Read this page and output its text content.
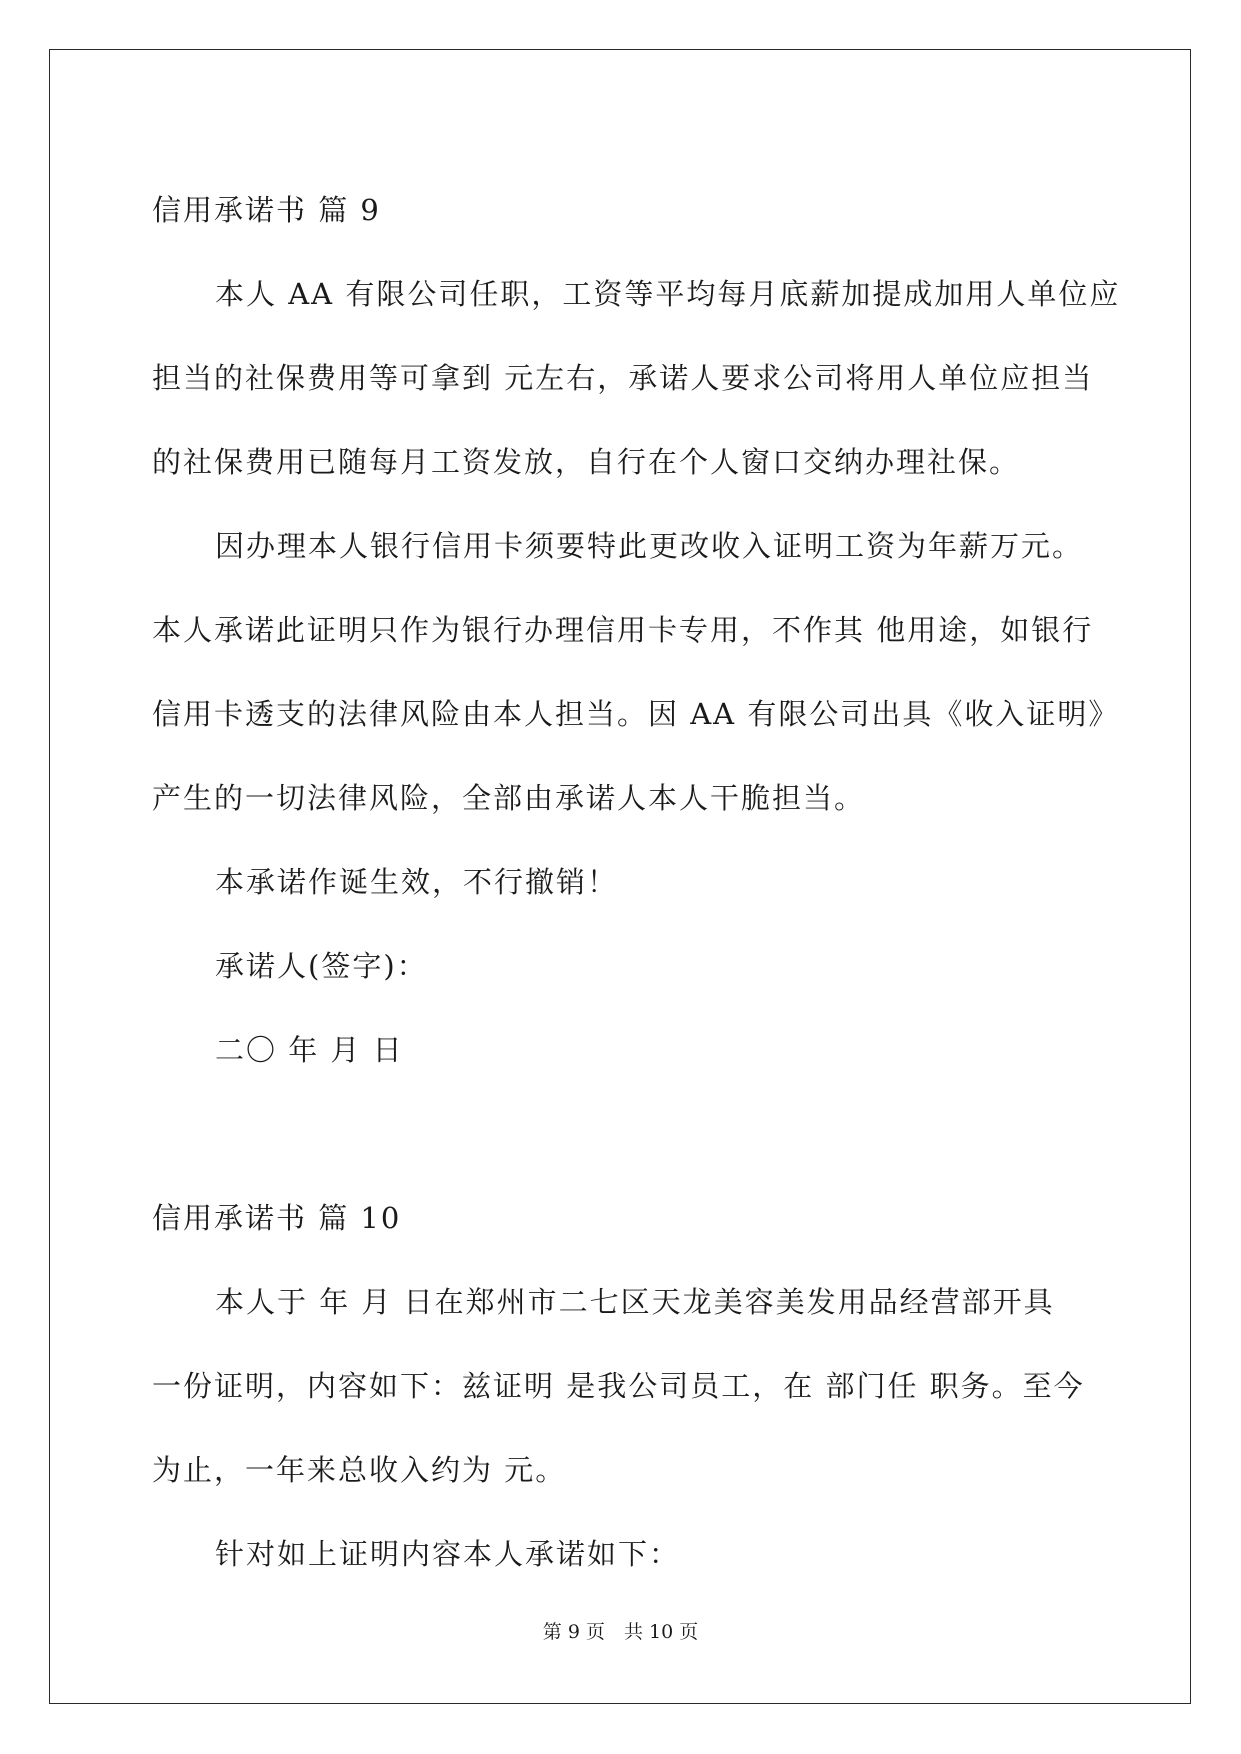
信用承诺书 篇 9
本人 AA 有限公司任职，工资等平均每月底薪加提成加用人单位应
担当的社保费用等可拿到 元左右，承诺人要求公司将用人单位应担当
的社保费用已随每月工资发放，自行在个人窗口交纳办理社保。
因办理本人银行信用卡须要特此更改收入证明工资为年薪万元。
本人承诺此证明只作为银行办理信用卡专用，不作其 他用途，如银行
信用卡透支的法律风险由本人担当。因 AA 有限公司出具《收入证明》
产生的一切法律风险，全部由承诺人本人干脆担当。
本承诺作诞生效，不行撤销！
承诺人(签字)：
二〇 年 月 日
信用承诺书 篇 10
本人于 年 月 日在郑州市二七区天龙美容美发用品经营部开具
一份证明，内容如下：兹证明 是我公司员工，在 部门任 职务。至今
为止，一年来总收入约为 元。
针对如上证明内容本人承诺如下：
第 9 页　共 10 页
